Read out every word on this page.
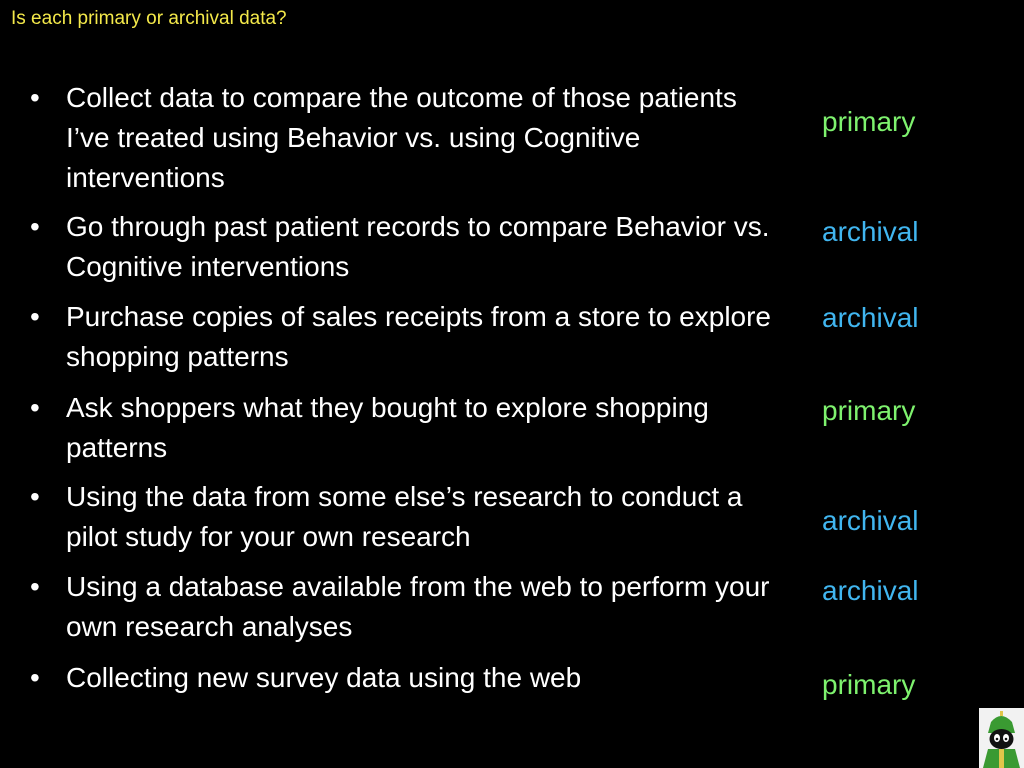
Is each primary or archival data?
• Collect data to compare the outcome of those patients I’ve treated using Behavior vs. using Cognitive interventions
• Go through past patient records to compare Behavior vs. Cognitive interventions
• Purchase copies of sales receipts from a store to explore shopping patterns
• Ask shoppers what they bought to explore shopping patterns
• Using the data from some else’s research to conduct a pilot study for your own research
• Using a database available from the web to perform your own research analyses
• Collecting new survey data using the web
primary
archival
archival
primary
archival
archival
primary
